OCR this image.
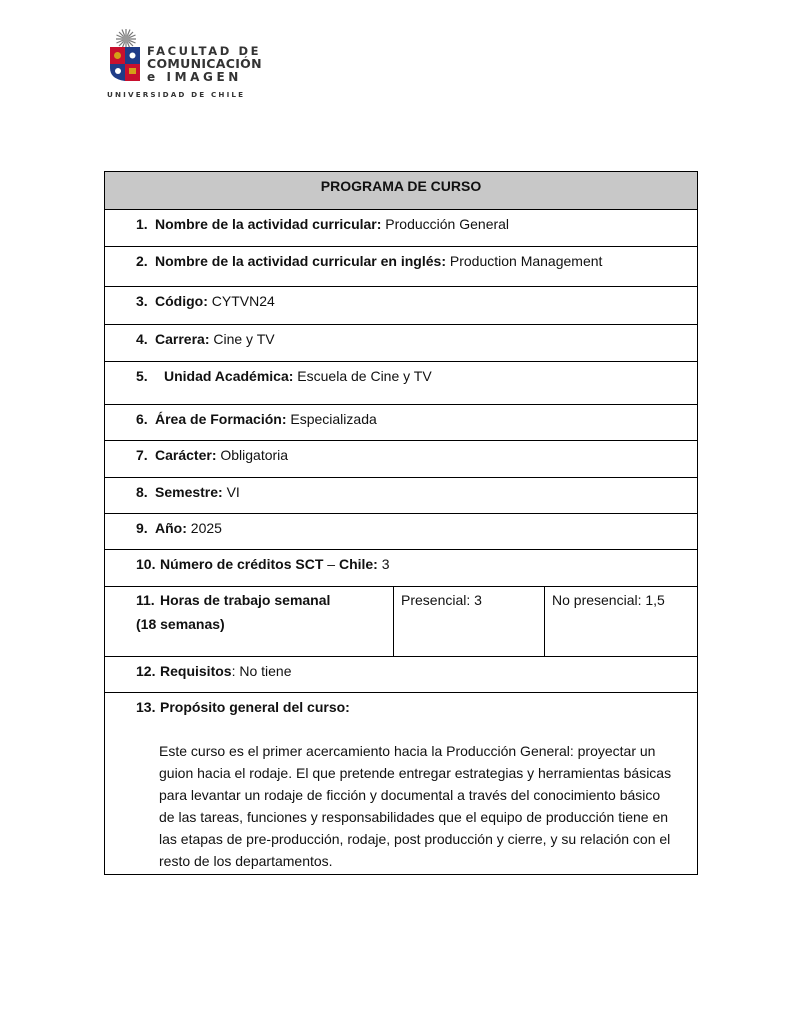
FACULTAD DE
COMUNICACIÓN
e IMAGEN
UNIVERSIDAD DE CHILE
PROGRAMA DE CURSO
1. Nombre de la actividad curricular: Producción General
2. Nombre de la actividad curricular en inglés: Production Management
3. Código: CYTVN24
4. Carrera: Cine y TV
5. Unidad Académica: Escuela de Cine y TV
6. Área de Formación: Especializada
7. Carácter: Obligatoria
8. Semestre: VI
9. Año: 2025
10. Número de créditos SCT – Chile: 3
11. Horas de trabajo semanal
(18 semanas)
Presencial: 3	No presencial: 1,5
12. Requisitos: No tiene
13. Propósito general del curso:

Este curso es el primer acercamiento hacia la Producción General: proyectar un guion hacia el rodaje. El que pretende entregar estrategias y herramientas básicas para levantar un rodaje de ficción y documental a través del conocimiento básico de las tareas, funciones y responsabilidades que el equipo de producción tiene en las etapas de pre-producción, rodaje, post producción y cierre, y su relación con el resto de los departamentos.
